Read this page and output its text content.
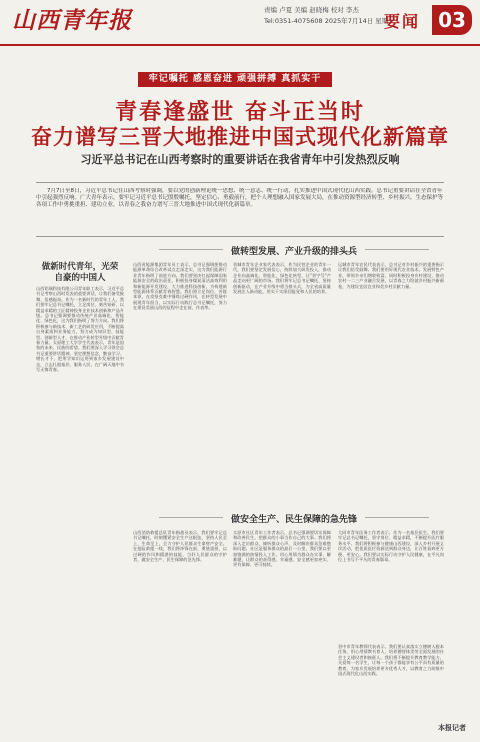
山西青年报	责编 卢夏 美编 赵晓梅 校对 李杰
Tel:0351-4075608 2025年7月14日 星期一
要闻 03
牢记嘱托 感恩奋进 顽强拼搏 真抓实干
青春逢盛世 奋斗正当时
奋力谱写三晋大地推进中国式现代化新篇章
习近平总书记在山西考察时的重要讲话在我省青年中引发热烈反响
7月7日至8日，习近平总书记在山西考察时强调，要以党的创新理论统一思想、统一意志、统一行动，扎实推进中国式现代化山西实践。总书记重要讲话在全省青年中引起强烈反响。广大青年表示，要牢记习近平总书记殷殷嘱托，坚定信心、勇毅前行，把个人理想融入国家发展大局，在推动资源型经济转型、乡村振兴、生态保护等各项工作中勇挑重担、建功立业，以青春之我奋力谱写三晋大地推进中国式现代化新篇章。
做转型发展、产业升级的排头兵
做新时代青年，光荣
自豪的中国人
山西铝瑞科技有限公司青年职工表示，习近平总书记考察山西时发表的重要讲话，让我们备受鼓舞、倍感振奋。作为一名新时代的青年工人，我们要牢记总书记嘱托，立足岗位、刻苦钻研，以精益求精的工匠精神投身企业技术创新和产品升级。总书记强调要推动传统产业高端化、智能化、绿色化，这为我们指明了努力方向。我们将积极参与新技术、新工艺的研发应用，不断提高自身素质和业务能力，努力成为知识型、技能型、创新型人才，在推动产业转型升级中贡献青春力量。太原理工大学学生代表表示，青年是国家的未来、民族的希望。我们要深入学习领会总书记重要讲话精神，坚定理想信念，勤奋学习、增长才干，把所学知识运用到家乡发展建设中去，立志扎根基层、服务人民，在广阔天地中书写无悔青春。
山西省能源集团青年员工表示，总书记强调要推动能源革命综合改革试点走深走实，这为我们能源行业青年指明了前进方向。我们要坚决扛起保障国家能源安全的政治责任，积极投身煤炭清洁高效利用和新能源开发建设，大力推进科技创新，为构建新型能源体系贡献青春智慧。我们将立足岗位，苦练本领，在攻坚克难中锤炼过硬作风，在转型发展中展现青年担当，以实际行动践行总书记嘱托，努力在建设美丽山西的征程中走在前、作表率。
晋城市青年企业家代表表示，作为民营企业的青年一代，我们要坚定发展信心，持续加大研发投入，推动企业向高端化、智能化、绿色化转型，让"晋字号"产品走向更广阔的市场。我们将牢记总书记嘱托，坚持创新驱动，在产业升级中勇当排头兵，为全省高质量发展注入新动能，用实干实绩回报党和人民的培养。
运城市青年农民代表表示，总书记对乡村振兴的重要指示让我们倍受鼓舞。我们要用好现代农业技术，发展特色产业，带领乡亲们增收致富。同时积极投身乡村建设，推动农村一二三产业融合发展，以青春之力绘就乡村振兴新画卷，为建设宜居宜业和美乡村贡献力量。
做安全生产、民生保障的急先锋
山西消防救援总队青年指战员表示，我们要牢记总书记嘱托，时刻绷紧安全生产这根弦，坚持人民至上、生命至上，全力守护人民群众生命财产安全。在抢险救援一线，我们将冲锋在前、勇挑重担，以过硬的作风和精湛的技能，当好人民群众的守护者，做安全生产、民生保障的急先锋。
太原市社区青年工作者表示，总书记强调要切实保障和改善民生，把群众的小事当作自己的大事。我们将深入走访群众，倾听群众心声，及时解决群众急难愁盼问题。社区是服务群众的最后一公里，我们要以更加饱满的热情投入工作，用心用情为群众办实事、解难题，让群众的获得感、幸福感、安全感更加充实、更有保障、更可持续。
大同市青年医务工作者表示，作为一名基层医生，我们要牢记总书记嘱托，坚守岗位、精益求精，不断提升医疗服务水平。我们将积极参与健康山西建设，深入乡村开展义诊活动，把优质医疗资源送到群众身边，让百姓看病更方便、更安心。我们要以实际行动守护人民健康，在平凡岗位上书写不平凡的青春篇章。
晋中市青年教师代表表示，我们要认真落实立德树人根本任务，用心用情教书育人，培养德智体美劳全面发展的社会主义建设者和接班人。我们将不断提升教育教学能力，关爱每一名学生，让每一个孩子都能享有公平而有质量的教育，为家乡发展培养更多优秀人才，以教育之力助推中国式现代化山西实践。
本报记者
